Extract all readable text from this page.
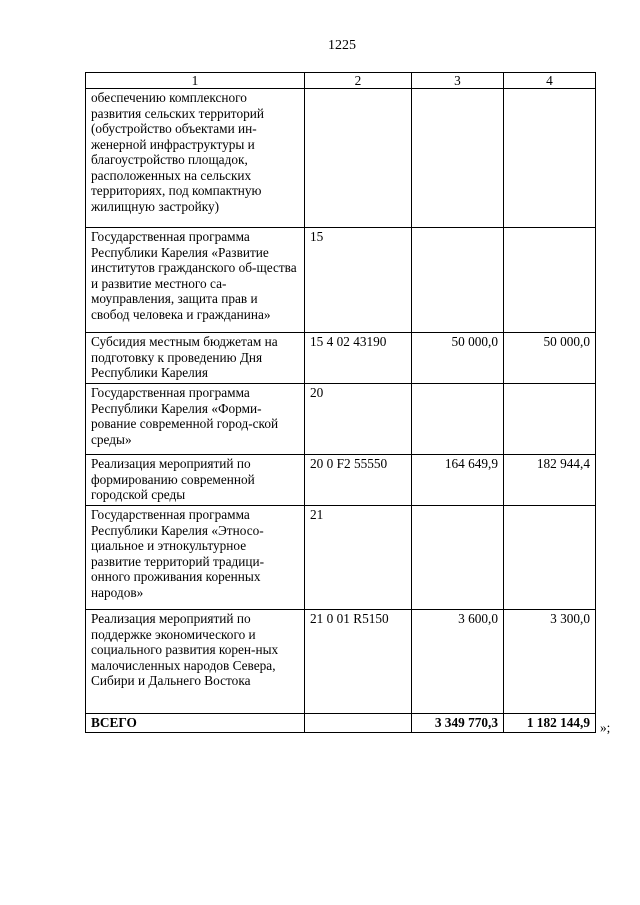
1225
1	2	3	4
обеспечению комплексного развития сельских территорий (обустройство объектами ин-женерной инфраструктуры и благоустройство площадок, расположенных на сельских территориях, под компактную жилищную застройку)			
Государственная программа Республики Карелия «Развитие институтов гражданского об-щества и развитие местного са-моуправления, защита прав и свобод человека и гражданина»	15		
Субсидия местным бюджетам на подготовку к проведению Дня Республики Карелия	15 4 02 43190	50 000,0	50 000,0
Государственная программа Республики Карелия «Форми-рование современной город-ской среды»	20		
Реализация мероприятий по формированию современной городской среды	20 0 F2 55550	164 649,9	182 944,4
Государственная программа Республики Карелия «Этносо-циальное и этнокультурное развитие территорий традици-онного проживания коренных народов»	21		
Реализация мероприятий по поддержке экономического и социального развития корен-ных малочисленных народов Севера, Сибири и Дальнего Востока	21 0 01 R5150	3 600,0	3 300,0
ВСЕГО		3 349 770,3	1 182 144,9 »;
